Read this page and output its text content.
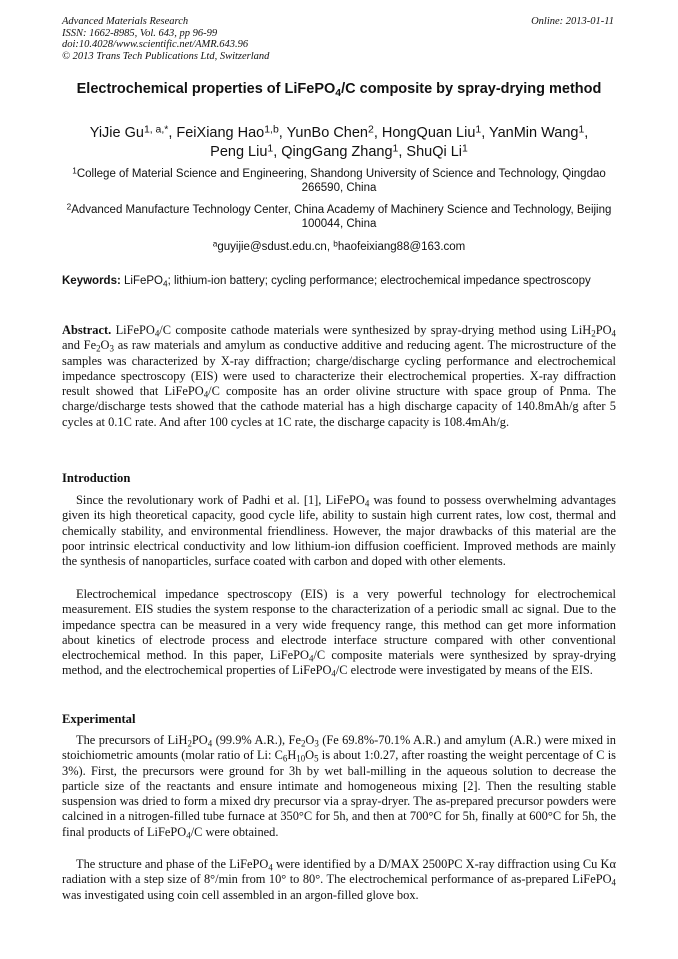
Advanced Materials Research
ISSN: 1662-8985, Vol. 643, pp 96-99
doi:10.4028/www.scientific.net/AMR.643.96
© 2013 Trans Tech Publications Ltd, Switzerland
Online: 2013-01-11
Electrochemical properties of LiFePO$_4$/C composite by spray-drying method
YiJie $Gu^{1, a,*}$, FeiXiang Hao$^{1,b}$, YunBo Chen$^2$, HongQuan Liu$^1$, YanMin Wang$^1$,
Peng Liu$^1$, QingGang Zhang$^1$, ShuQi Li$^1$
$^1$College of Material Science and Engineering, Shandong University of Science and Technology, Qingdao 266590, China
$^2$Advanced Manufacture Technology Center, China Academy of Machinery Science and Technology, Beijing 100044, China
$^a$guyijie@sdust.edu.cn, $^b$haofeixiang88@163.com
Keywords: LiFePO$_4$; lithium-ion battery; cycling performance; electrochemical impedance spectroscopy
Abstract. LiFePO$_4$/C composite cathode materials were synthesized by spray-drying method using $LiH_2PO_4$ and $Fe_2O_3$ as raw materials and amylum as conductive additive and reducing agent. The microstructure of the samples was characterized by X-ray diffraction; charge/discharge cycling performance and electrochemical impedance spectroscopy (EIS) were used to characterize their electrochemical properties. X-ray diffraction result showed that LiFePO$_4$/C composite has an order olivine structure with space group of Pnma. The charge/discharge tests showed that the cathode material has a high discharge capacity of 140.8mAh/g after 5 cycles at 0.1C rate. And after 100 cycles at 1C rate, the discharge capacity is 108.4mAh/g.
Introduction

Since the revolutionary work of Padhi et al. [1], LiFePO$_4$ was found to possess overwhelming advantages given its high theoretical capacity, good cycle life, ability to sustain high current rates, low cost, thermal and chemically stability, and environmental friendliness. However, the major drawbacks of this material are the poor intrinsic electrical conductivity and low lithium-ion diffusion coefficient. Improved methods are mainly the synthesis of nanoparticles, surface coated with carbon and doped with other elements.

Electrochemical impedance spectroscopy (EIS) is a very powerful technology for electrochemical measurement. EIS studies the system response to the characterization of a periodic small ac signal. Due to the impedance spectra can be measured in a very wide frequency range, this method can get more information about kinetics of electrode process and electrode interface structure compared with other conventional electrochemical method. In this paper, LiFePO$_4$/C composite materials were synthesized by spray-drying method, and the electrochemical properties of LiFePO$_4$/C electrode were investigated by means of the EIS.

Experimental

The precursors of $LiH_2PO_4$ (99.9% A.R.), $Fe_2O_3$ (Fe 69.8%-70.1% A.R.) and amylum (A.R.) were mixed in stoichiometric amounts (molar ratio of Li: $C_6H_{10}O_5$ is about 1:0.27, after roasting the weight percentage of C is 3%). First, the precursors were ground for 3h by wet ball-milling in the aqueous solution to decrease the particle size of the reactants and ensure intimate and homogeneous mixing [2]. Then the resulting stable suspension was dried to form a mixed dry precursor via a spray-dryer. The as-prepared precursor powders were calcined in a nitrogen-filled tube furnace at 350°C for 5h, and then at 700°C for 5h, finally at 600°C for 5h, the final products of LiFePO$_4$/C were obtained.

The structure and phase of the LiFePO$_4$ were identified by a D/MAX 2500PC X-ray diffraction using Cu Kα radiation with a step size of 8°/min from 10° to 80°. The electrochemical performance of as-prepared LiFePO$_4$ was investigated using coin cell assembled in an argon-filled glove box.
